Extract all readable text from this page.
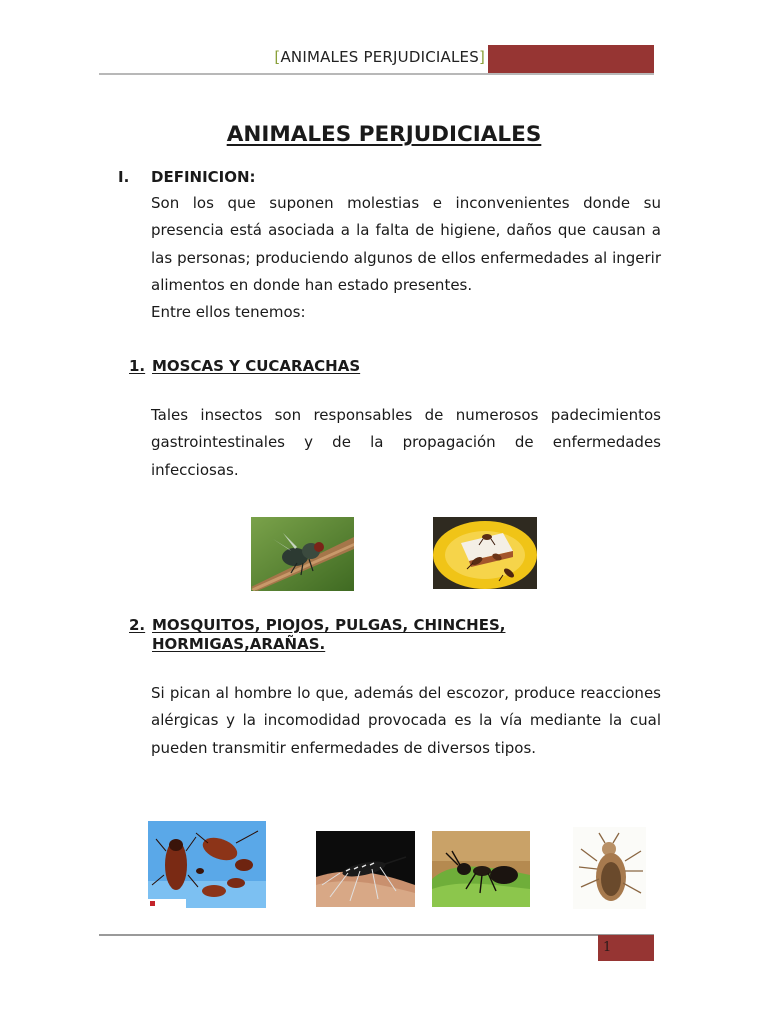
[ANIMALES PERJUDICIALES]
ANIMALES PERJUDICIALES
I. DEFINICION:
Son los que suponen molestias e inconvenientes donde su presencia está asociada a la falta de higiene, daños que causan a las personas; produciendo algunos de ellos enfermedades al ingerir alimentos en donde han estado presentes.
Entre ellos tenemos:
1. MOSCAS Y CUCARACHAS
Tales insectos son responsables de numerosos padecimientos gastrointestinales y de la propagación de enfermedades infecciosas.
2. MOSQUITOS, PIOJOS, PULGAS, CHINCHES, HORMIGAS,ARAÑAS.
Si pican al hombre lo que, además del escozor, produce reacciones alérgicas y la incomodidad provocada es la vía mediante la cual pueden transmitir enfermedades de diversos tipos.
1
